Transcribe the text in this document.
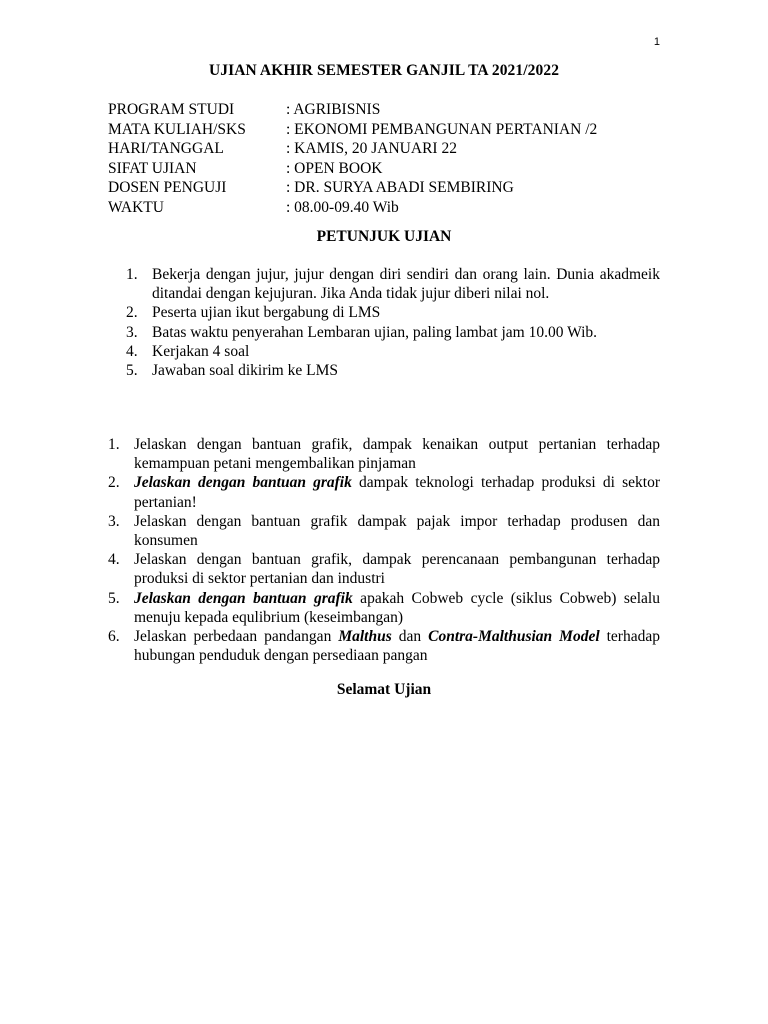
1
UJIAN AKHIR SEMESTER GANJIL TA 2021/2022
PROGRAM STUDI	: AGRIBISNIS
MATA KULIAH/SKS	: EKONOMI PEMBANGUNAN PERTANIAN /2
HARI/TANGGAL	: KAMIS, 20 JANUARI 22
SIFAT UJIAN	: OPEN BOOK
DOSEN PENGUJI	: DR. SURYA ABADI SEMBIRING
WAKTU	: 08.00-09.40 Wib
PETUNJUK UJIAN
1. Bekerja dengan jujur, jujur dengan diri sendiri dan orang lain. Dunia akadmeik ditandai dengan kejujuran. Jika Anda tidak jujur diberi nilai nol.
2. Peserta ujian ikut bergabung di LMS
3. Batas waktu penyerahan Lembaran ujian, paling lambat jam 10.00 Wib.
4. Kerjakan 4 soal
5. Jawaban soal dikirim ke LMS
1. Jelaskan dengan bantuan grafik, dampak kenaikan output pertanian terhadap kemampuan petani mengembalikan pinjaman
2. Jelaskan dengan bantuan grafik dampak teknologi terhadap produksi di sektor pertanian!
3. Jelaskan dengan bantuan grafik dampak pajak impor terhadap produsen dan konsumen
4. Jelaskan dengan bantuan grafik, dampak perencanaan pembangunan terhadap produksi di sektor pertanian dan industri
5. Jelaskan dengan bantuan grafik apakah Cobweb cycle (siklus Cobweb) selalu menuju kepada equlibrium (keseimbangan)
6. Jelaskan perbedaan pandangan Malthus dan Contra-Malthusian Model terhadap hubungan penduduk dengan persediaan pangan
Selamat Ujian
